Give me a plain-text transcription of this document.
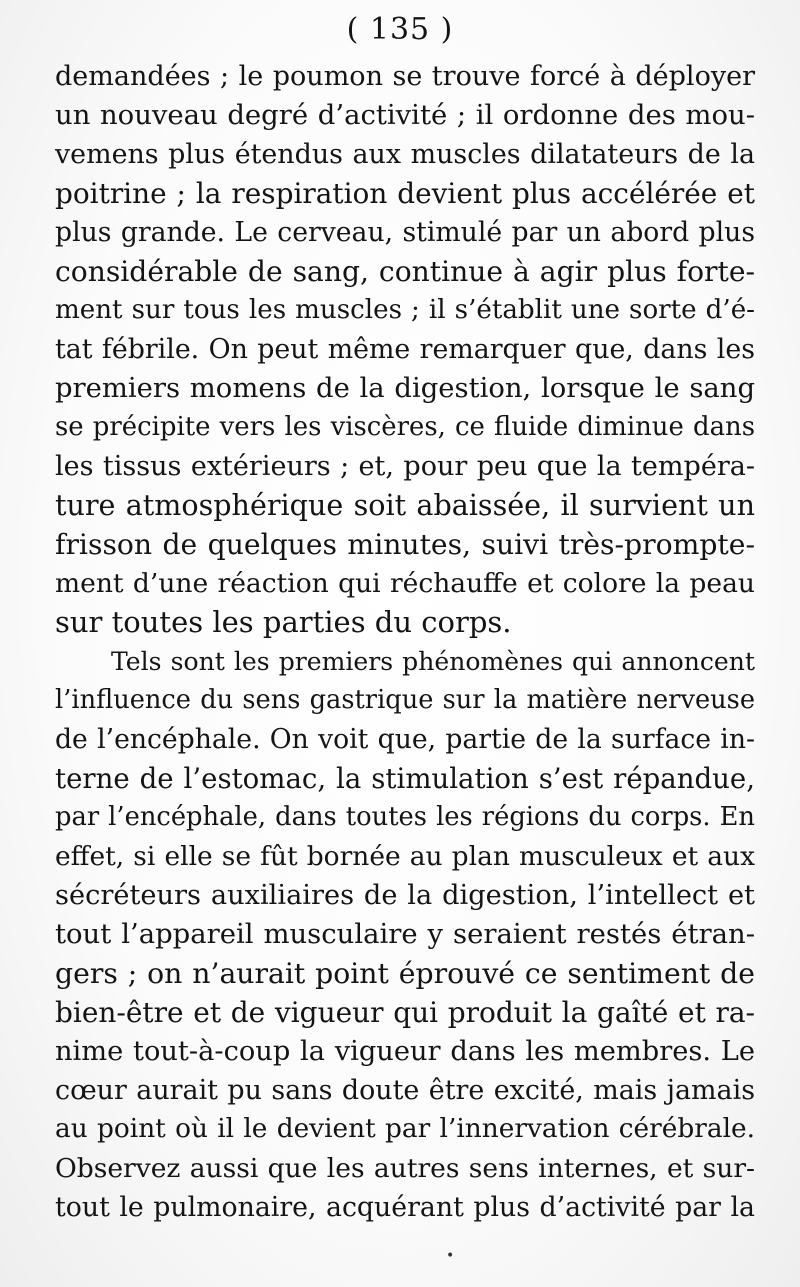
( 135 )
demandées ; le poumon se trouve forcé à déployer
un nouveau degré d’activité ; il ordonne des mou-
vemens plus étendus aux muscles dilatateurs de la
poitrine ; la respiration devient plus accélérée et
plus grande. Le cerveau, stimulé par un abord plus
considérable de sang, continue à agir plus forte-
ment sur tous les muscles ; il s’établit une sorte d’é-
tat fébrile. On peut même remarquer que, dans les
premiers momens de la digestion, lorsque le sang
se précipite vers les viscères, ce fluide diminue dans
les tissus extérieurs ; et, pour peu que la tempéra-
ture atmosphérique soit abaissée, il survient un
frisson de quelques minutes, suivi très-prompte-
ment d’une réaction qui réchauffe et colore la peau
sur toutes les parties du corps.
Tels sont les premiers phénomènes qui annoncent
l’influence du sens gastrique sur la matière nerveuse
de l’encéphale. On voit que, partie de la surface in-
terne de l’estomac, la stimulation s’est répandue,
par l’encéphale, dans toutes les régions du corps. En
effet, si elle se fût bornée au plan musculeux et aux
sécréteurs auxiliaires de la digestion, l’intellect et
tout l’appareil musculaire y seraient restés étran-
gers ; on n’aurait point éprouvé ce sentiment de
bien-être et de vigueur qui produit la gaîté et ra-
nime tout-à-coup la vigueur dans les membres. Le
cœur aurait pu sans doute être excité, mais jamais
au point où il le devient par l’innervation cérébrale.
Observez aussi que les autres sens internes, et sur-
tout le pulmonaire, acquérant plus d’activité par la
•
